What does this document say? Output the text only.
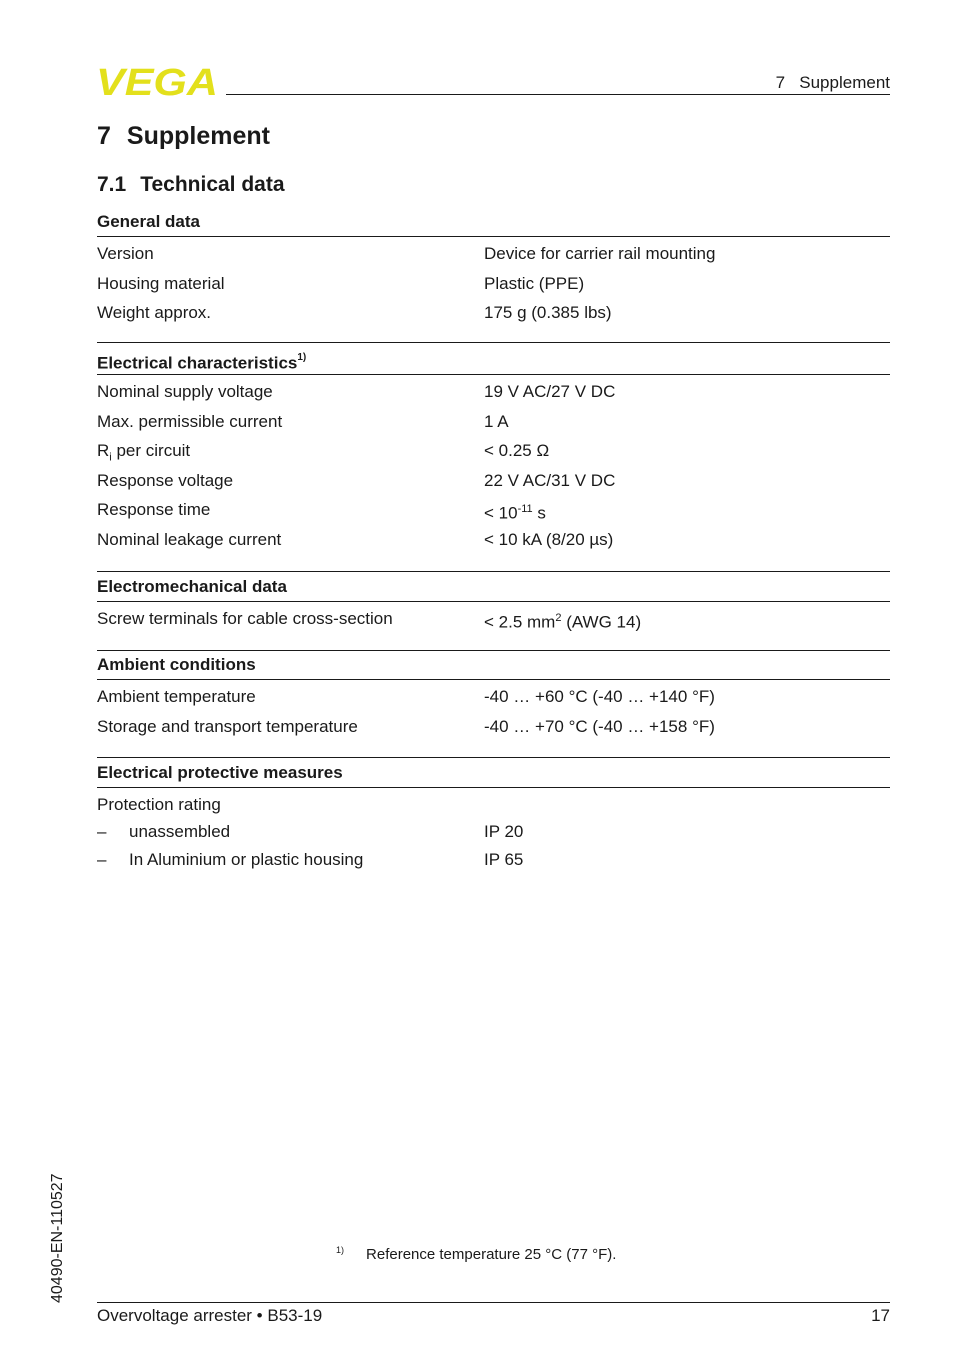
VEGA	7   Supplement
7 Supplement
7.1 Technical data
General data
Version	Device for carrier rail mounting
Housing material	Plastic (PPE)
Weight approx.	175 g (0.385 lbs)
Electrical characteristics$^{1)}$
Nominal supply voltage	19 V AC/27 V DC
Max. permissible current	1 A
$R_i$ per circuit	< 0.25 Ω
Response voltage	22 V AC/31 V DC
Response time	< $10^{-11}$ s
Nominal leakage current	< 10 kA (8/20 µs)
Electromechanical data
Screw terminals for cable cross-section	< 2.5 $mm^2$ (AWG 14)
Ambient conditions
Ambient temperature	-40 … +60 °C (-40 … +140 °F)
Storage and transport temperature	-40 … +70 °C (-40 … +158 °F)
Electrical protective measures
Protection rating
– unassembled	IP 20
– In Aluminium or plastic housing	IP 65
$^{1)}$ Reference temperature 25 °C (77 °F).
40490-EN-110527
Overvoltage arrester • B53-19	17
